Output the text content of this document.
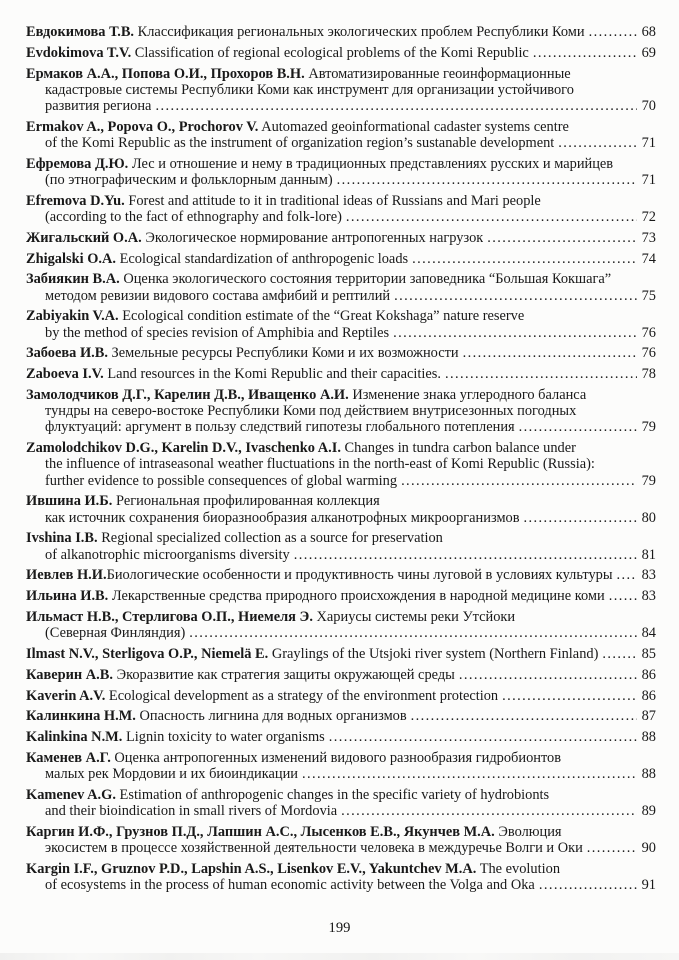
Евдокимова Т.В. Классификация региональных экологических проблем Республики Коми .....	68
Evdokimova T.V. Classification of regional ecological problems of the Komi Republic .....	69
Ермаков А.А., Попова О.И., Прохоров В.Н. Автоматизированные геоинформационные
кадастровые системы Республики Коми как инструмент для организации устойчивого
развития региона .....	70
Ermakov A., Popova O., Prochorov V. Automazed geoinformational cadaster systems centre
of the Komi Republic as the instrument of organization region’s sustanable development .....	71
Ефремова Д.Ю. Лес и отношение и нему в традиционных представлениях русских и марийцев
(по этнографическим и фольклорным данным) .....	71
Efremova D.Yu. Forest and attitude to it in traditional ideas of Russians and Mari people
(according to the fact of ethnography and folk-lore) .....	72
Жигальский О.А. Экологическое нормирование антропогенных нагрузок .....	73
Zhigalski O.A. Ecological standardization of anthropogenic loads .....	74
Забиякин В.А. Оценка экологического состояния территории заповедника “Большая Кокшага”
методом ревизии видового состава амфибий и рептилий .....	75
Zabiyakin V.A. Ecological condition estimate of the “Great Kokshaga” nature reserve
by the method of species revision of Amphibia and Reptiles .....	76
Забоева И.В. Земельные ресурсы Республики Коми и их возможности .....	76
Zaboeva I.V. Land resources in the Komi Republic and their capacities. .....	78
Замолодчиков Д.Г., Карелин Д.В., Иващенко А.И. Изменение знака углеродного баланса
тундры на северо-востоке Республики Коми под действием внутрисезонных погодных
флуктуаций: аргумент в пользу следствий гипотезы глобального потепления .....	79
Zamolodchikov D.G., Karelin D.V., Ivaschenko A.I. Changes in tundra carbon balance under
the influence of intraseasonal weather fluctuations in the north-east of Komi Republic (Russia):
further evidence to possible consequences of global warming .....	79
Ившина И.Б. Региональная профилированная коллекция
как источник сохранения биоразнообразия алканотрофных микроорганизмов .....	80
Ivshina I.B. Regional specialized collection as a source for preservation
of alkanotrophic microorganisms diversity .....	81
Иевлев Н.И.Биологические особенности и продуктивность чины луговой в условиях культуры ..... 83
Ильина И.В. Лекарственные средства природного происхождения в народной медицине коми .....	83
Ильмаст Н.В., Стерлигова О.П., Ниемеля Э. Хариусы системы реки Утсйоки
(Северная Финляндия) .....	84
Ilmast N.V., Sterligova O.P., Niemelä E. Graylings of the Utsjoki river system (Northern Finland) .....	85
Каверин А.В. Экоразвитие как стратегия защиты окружающей среды .....	86
Kaverin A.V. Ecological development as a strategy of the environment protection .....	86
Калинкина Н.М. Опасность лигнина для водных организмов .....	87
Kalinkina N.M. Lignin toxicity to water organisms .....	88
Каменев А.Г. Оценка антропогенных изменений видового разнообразия гидробионтов
малых рек Мордовии и их биоиндикации .....	88
Kamenev A.G. Estimation of anthropogenic changes in the specific variety of hydrobionts
and their bioindication in small rivers of Mordovia .....	89
Каргин И.Ф., Грузнов П.Д., Лапшин А.С., Лысенков Е.В., Якунчев М.А. Эволюция
экосистем в процессе хозяйственной деятельности человека в междуречье Волги и Оки .....	90
Kargin I.F., Gruznov P.D., Lapshin A.S., Lisenkov E.V., Yakuntchev M.A. The evolution
of ecosystems in the process of human economic activity between the Volga and Oka .....	91
199
